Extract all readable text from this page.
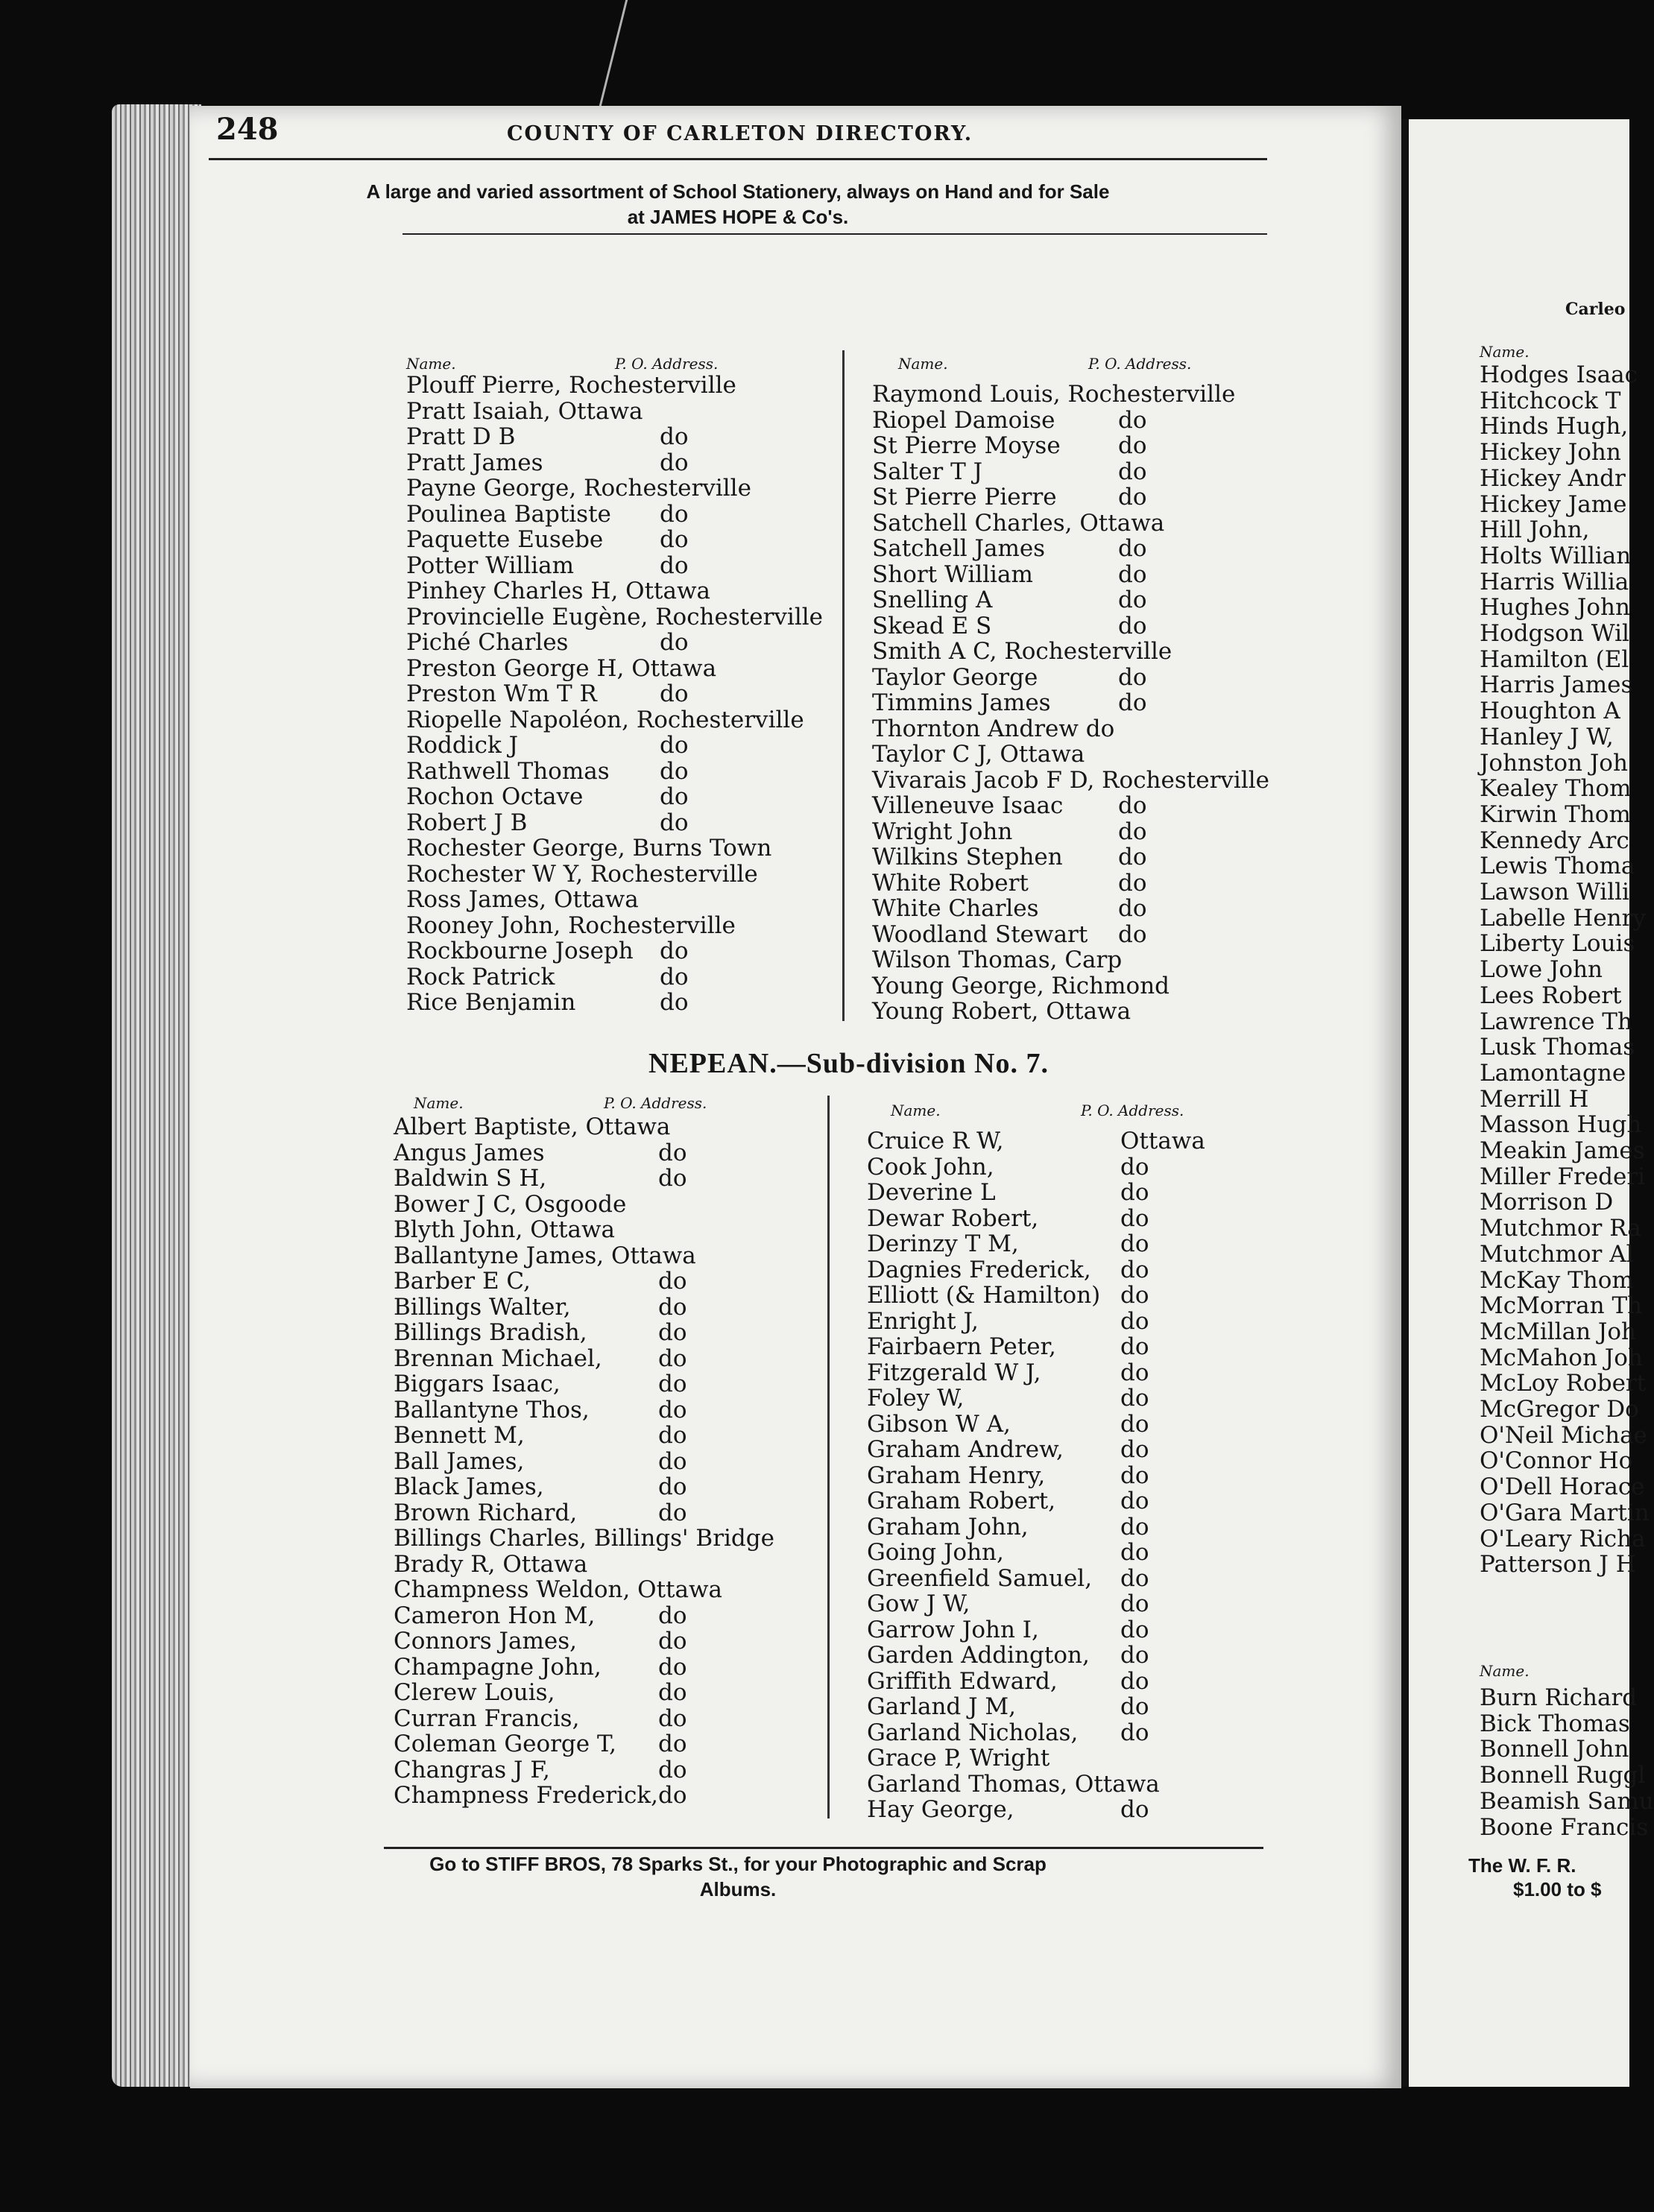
248	COUNTY OF CARLETON DIRECTORY.
A large and varied assortment of School Stationery, always on Hand and for Sale
at JAMES HOPE & Co's.
Name.	P. O. Address.	Name.	P. O. Address.
Plouff Pierre, Rochesterville
Pratt Isaiah, Ottawa
Pratt D B	do
Pratt James	do
Payne George, Rochesterville
Poulinea Baptiste do
Paquette Eusebe do
Potter William	do
Pinhey Charles H, Ottawa
Provincielle Eugène, Rochesterville
Piché Charles	do
Preston George H, Ottawa
Preston Wm T R	do
Riopelle Napoléon, Rochesterville
Roddick J	do
Rathwell Thomas do
Rochon Octave	do
Robert J B	do
Rochester George, Burns Town
Rochester W Y, Rochesterville
Ross James, Ottawa
Rooney John, Rochesterville
Rockbourne Joseph do
Rock Patrick	do
Rice Benjamin	do
Raymond Louis, Rochesterville
Riopel Damoise	do
St Pierre Moyse do
Salter T J	do
St Pierre Pierre	do
Satchell Charles, Ottawa
Satchell James	do
Short William	do
Snelling A	do
Skead E S	do
Smith A C, Rochesterville
Taylor George	do
Timmins James	do
Thornton Andrew do
Taylor C J, Ottawa
Vivarais Jacob F D, Rochesterville
Villeneuve Isaac do
Wright John	do
Wilkins Stephen do
White Robert	do
White Charles	do
Woodland Stewart do
Wilson Thomas, Carp
Young George, Richmond
Young Robert, Ottawa
NEPEAN.—Sub-division No. 7.
Name.	P. O. Address.	Name.	P. O. Address.
Albert Baptiste, Ottawa
Angus James	do
Baldwin S H,	do
Bower J C, Osgoode
Blyth John, Ottawa
Ballantyne James, Ottawa
Barber E C,	do
Billings Walter,	do
Billings Bradish,	do
Brennan Michael, do
Biggars Isaac,	do
Ballantyne Thos,	do
Bennett M,	do
Ball James,	do
Black James,	do
Brown Richard,	do
Billings Charles, Billings' Bridge
Brady R, Ottawa
Champness Weldon, Ottawa
Cameron Hon M,	do
Connors James,	do
Champagne John, do
Clerew Louis,	do
Curran Francis,	do
Coleman George T, do
Changras J F,	do
Champness Frederick, do
Cruice R W,	Ottawa
Cook John,	do
Deverine L	do
Dewar Robert,	do
Derinzy T M,	do
Dagnies Frederick, do
Elliott (& Hamilton) do
Enright J,	do
Fairbaern Peter,	do
Fitzgerald W J,	do
Foley W,	do
Gibson W A,	do
Graham Andrew, do
Graham Henry,	do
Graham Robert,	do
Graham John,	do
Going John,	do
Greenfield Samuel, do
Gow J W,	do
Garrow John I,	do
Garden Addington, do
Griffith Edward,	do
Garland J M,	do
Garland Nicholas, do
Grace P, Wright
Garland Thomas, Ottawa
Hay George,	do
Go to STIFF BROS, 78 Sparks St., for your Photographic and Scrap
Albums.
Carleo
Name.
Hodges Isaac
Hitchcock T
Hinds Hugh,
Hickey John
Hickey Andr
Hickey Jame
Hill John,
Holts Willian
Harris Willia
Hughes John
Hodgson Wil
Hamilton (El
Harris James
Houghton A
Hanley J W,
Johnston Joh
Kealey Thom
Kirwin Thom
Kennedy Arc
Lewis Thoma
Lawson Willi
Labelle Henry
Liberty Louis
Lowe John
Lees Robert
Lawrence Th
Lusk Thomas
Lamontagne
Merrill H
Masson Hugh
Meakin James
Miller Frederi
Morrison D
Mutchmor Ra
Mutchmor Al
McKay Thom
McMorran Th
McMillan Joh
McMahon Joh
McLoy Robert
McGregor Do
O'Neil Michae
O'Connor Ho
O'Dell Horace
O'Gara Martin
O'Leary Richa
Patterson J H
Name.
Burn Richard
Bick Thomas
Bonnell John
Bonnell Ruggl
Beamish Samu
Boone Francis
The W. F. R.
$1.00 to $
